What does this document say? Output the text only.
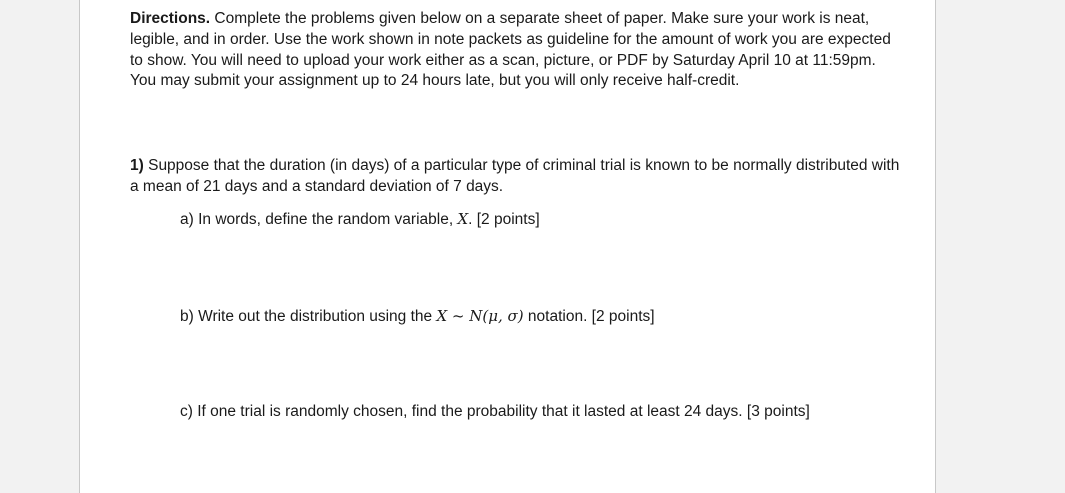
Directions. Complete the problems given below on a separate sheet of paper. Make sure your work is neat, legible, and in order. Use the work shown in note packets as guideline for the amount of work you are expected to show. You will need to upload your work either as a scan, picture, or PDF by Saturday April 10 at 11:59pm. You may submit your assignment up to 24 hours late, but you will only receive half-credit.

1) Suppose that the duration (in days) of a particular type of criminal trial is known to be normally distributed with a mean of 21 days and a standard deviation of 7 days.

a) In words, define the random variable, X. [2 points]

b) Write out the distribution using the X ~ N(μ, σ) notation. [2 points]

c) If one trial is randomly chosen, find the probability that it lasted at least 24 days. [3 points]
